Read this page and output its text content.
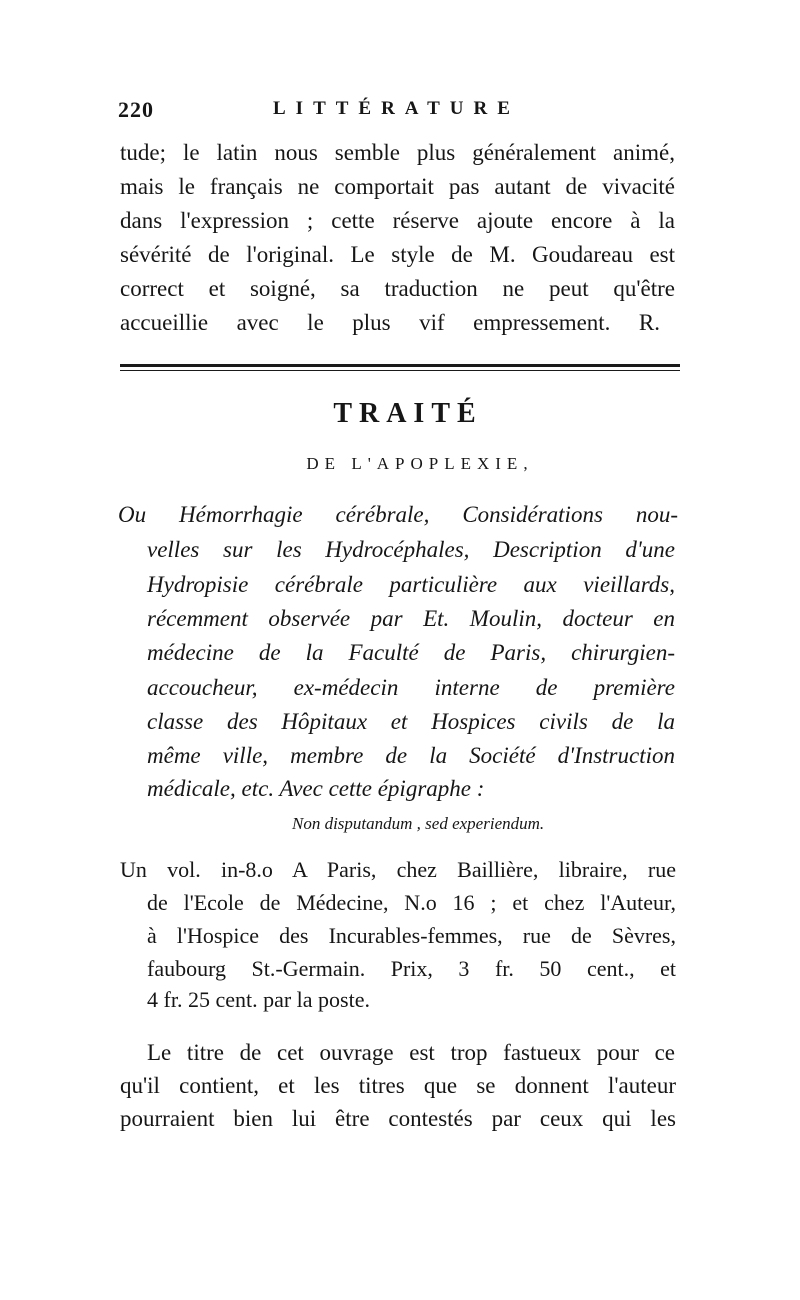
220	LITTÉRATURE
tude; le latin nous semble plus généralement animé,
mais le français ne comportait pas autant de vivacité
dans l'expression ; cette réserve ajoute encore à la
sévérité de l'original. Le style de M. Goudareau est
correct et soigné, sa traduction ne peut qu'être
accueillie avec le plus vif empressement. R.
TRAITÉ
DE L'APOPLEXIE,
Ou Hémorrhagie cérébrale, Considérations nou-
velles sur les Hydrocéphales, Description d'une
Hydropisie cérébrale particulière aux vieillards,
récemment observée par Et. Moulin, docteur en
médecine de la Faculté de Paris, chirurgien-
accoucheur, ex-médecin interne de première
classe des Hôpitaux et Hospices civils de la
même ville, membre de la Société d'Instruction
médicale, etc. Avec cette épigraphe :
Non disputandum , sed experiendum.
Un vol. in-8.o A Paris, chez Baillière, libraire, rue
de l'Ecole de Médecine, N.o 16 ; et chez l'Auteur,
à l'Hospice des Incurables-femmes, rue de Sèvres,
faubourg St.-Germain. Prix, 3 fr. 50 cent., et
4 fr. 25 cent. par la poste.
Le titre de cet ouvrage est trop fastueux pour ce
qu'il contient, et les titres que se donnent l'auteur
pourraient bien lui être contestés par ceux qui les
